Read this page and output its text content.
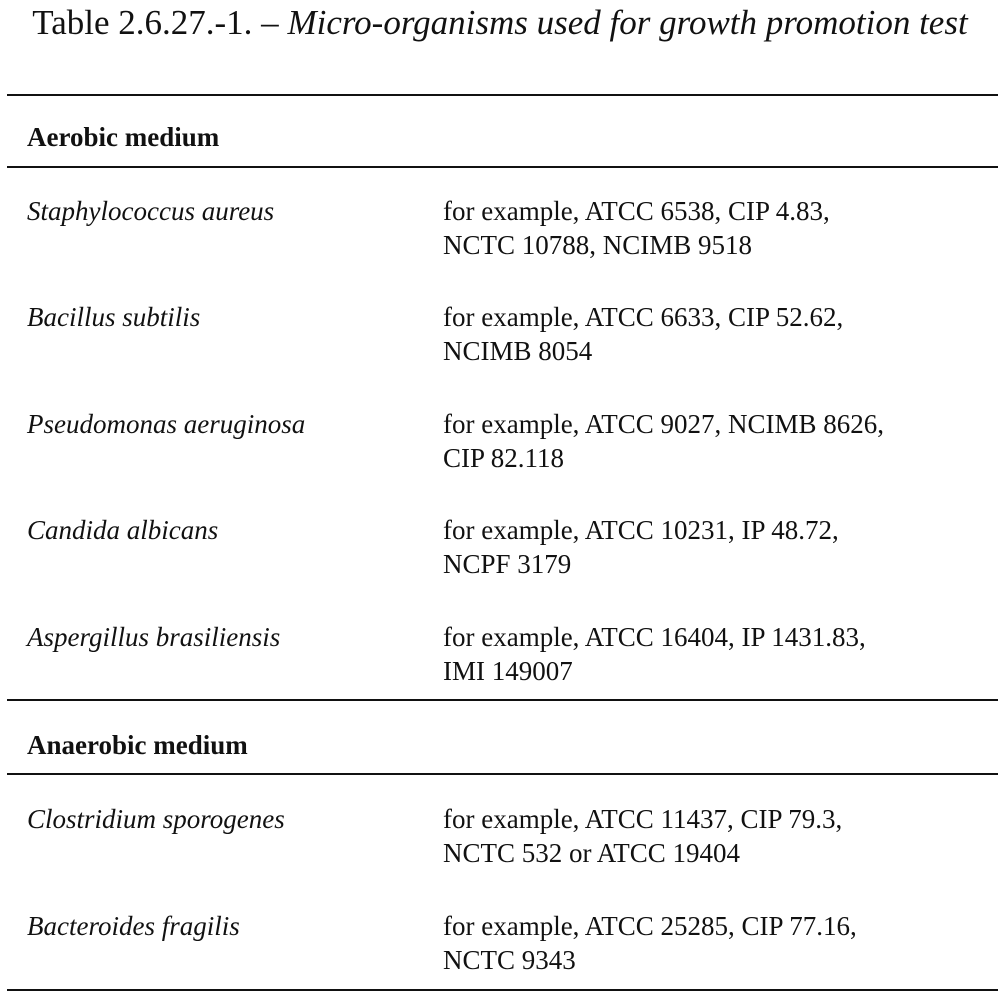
Table 2.6.27.-1. – Micro-organisms used for growth promotion test
Aerobic medium
Staphylococcus aureus	for example, ATCC 6538, CIP 4.83,
NCTC 10788, NCIMB 9518
Bacillus subtilis	for example, ATCC 6633, CIP 52.62,
NCIMB 8054
Pseudomonas aeruginosa	for example, ATCC 9027, NCIMB 8626,
CIP 82.118
Candida albicans	for example, ATCC 10231, IP 48.72,
NCPF 3179
Aspergillus brasiliensis	for example, ATCC 16404, IP 1431.83,
IMI 149007
Anaerobic medium
Clostridium sporogenes	for example, ATCC 11437, CIP 79.3,
NCTC 532 or ATCC 19404
Bacteroides fragilis	for example, ATCC 25285, CIP 77.16,
NCTC 9343
